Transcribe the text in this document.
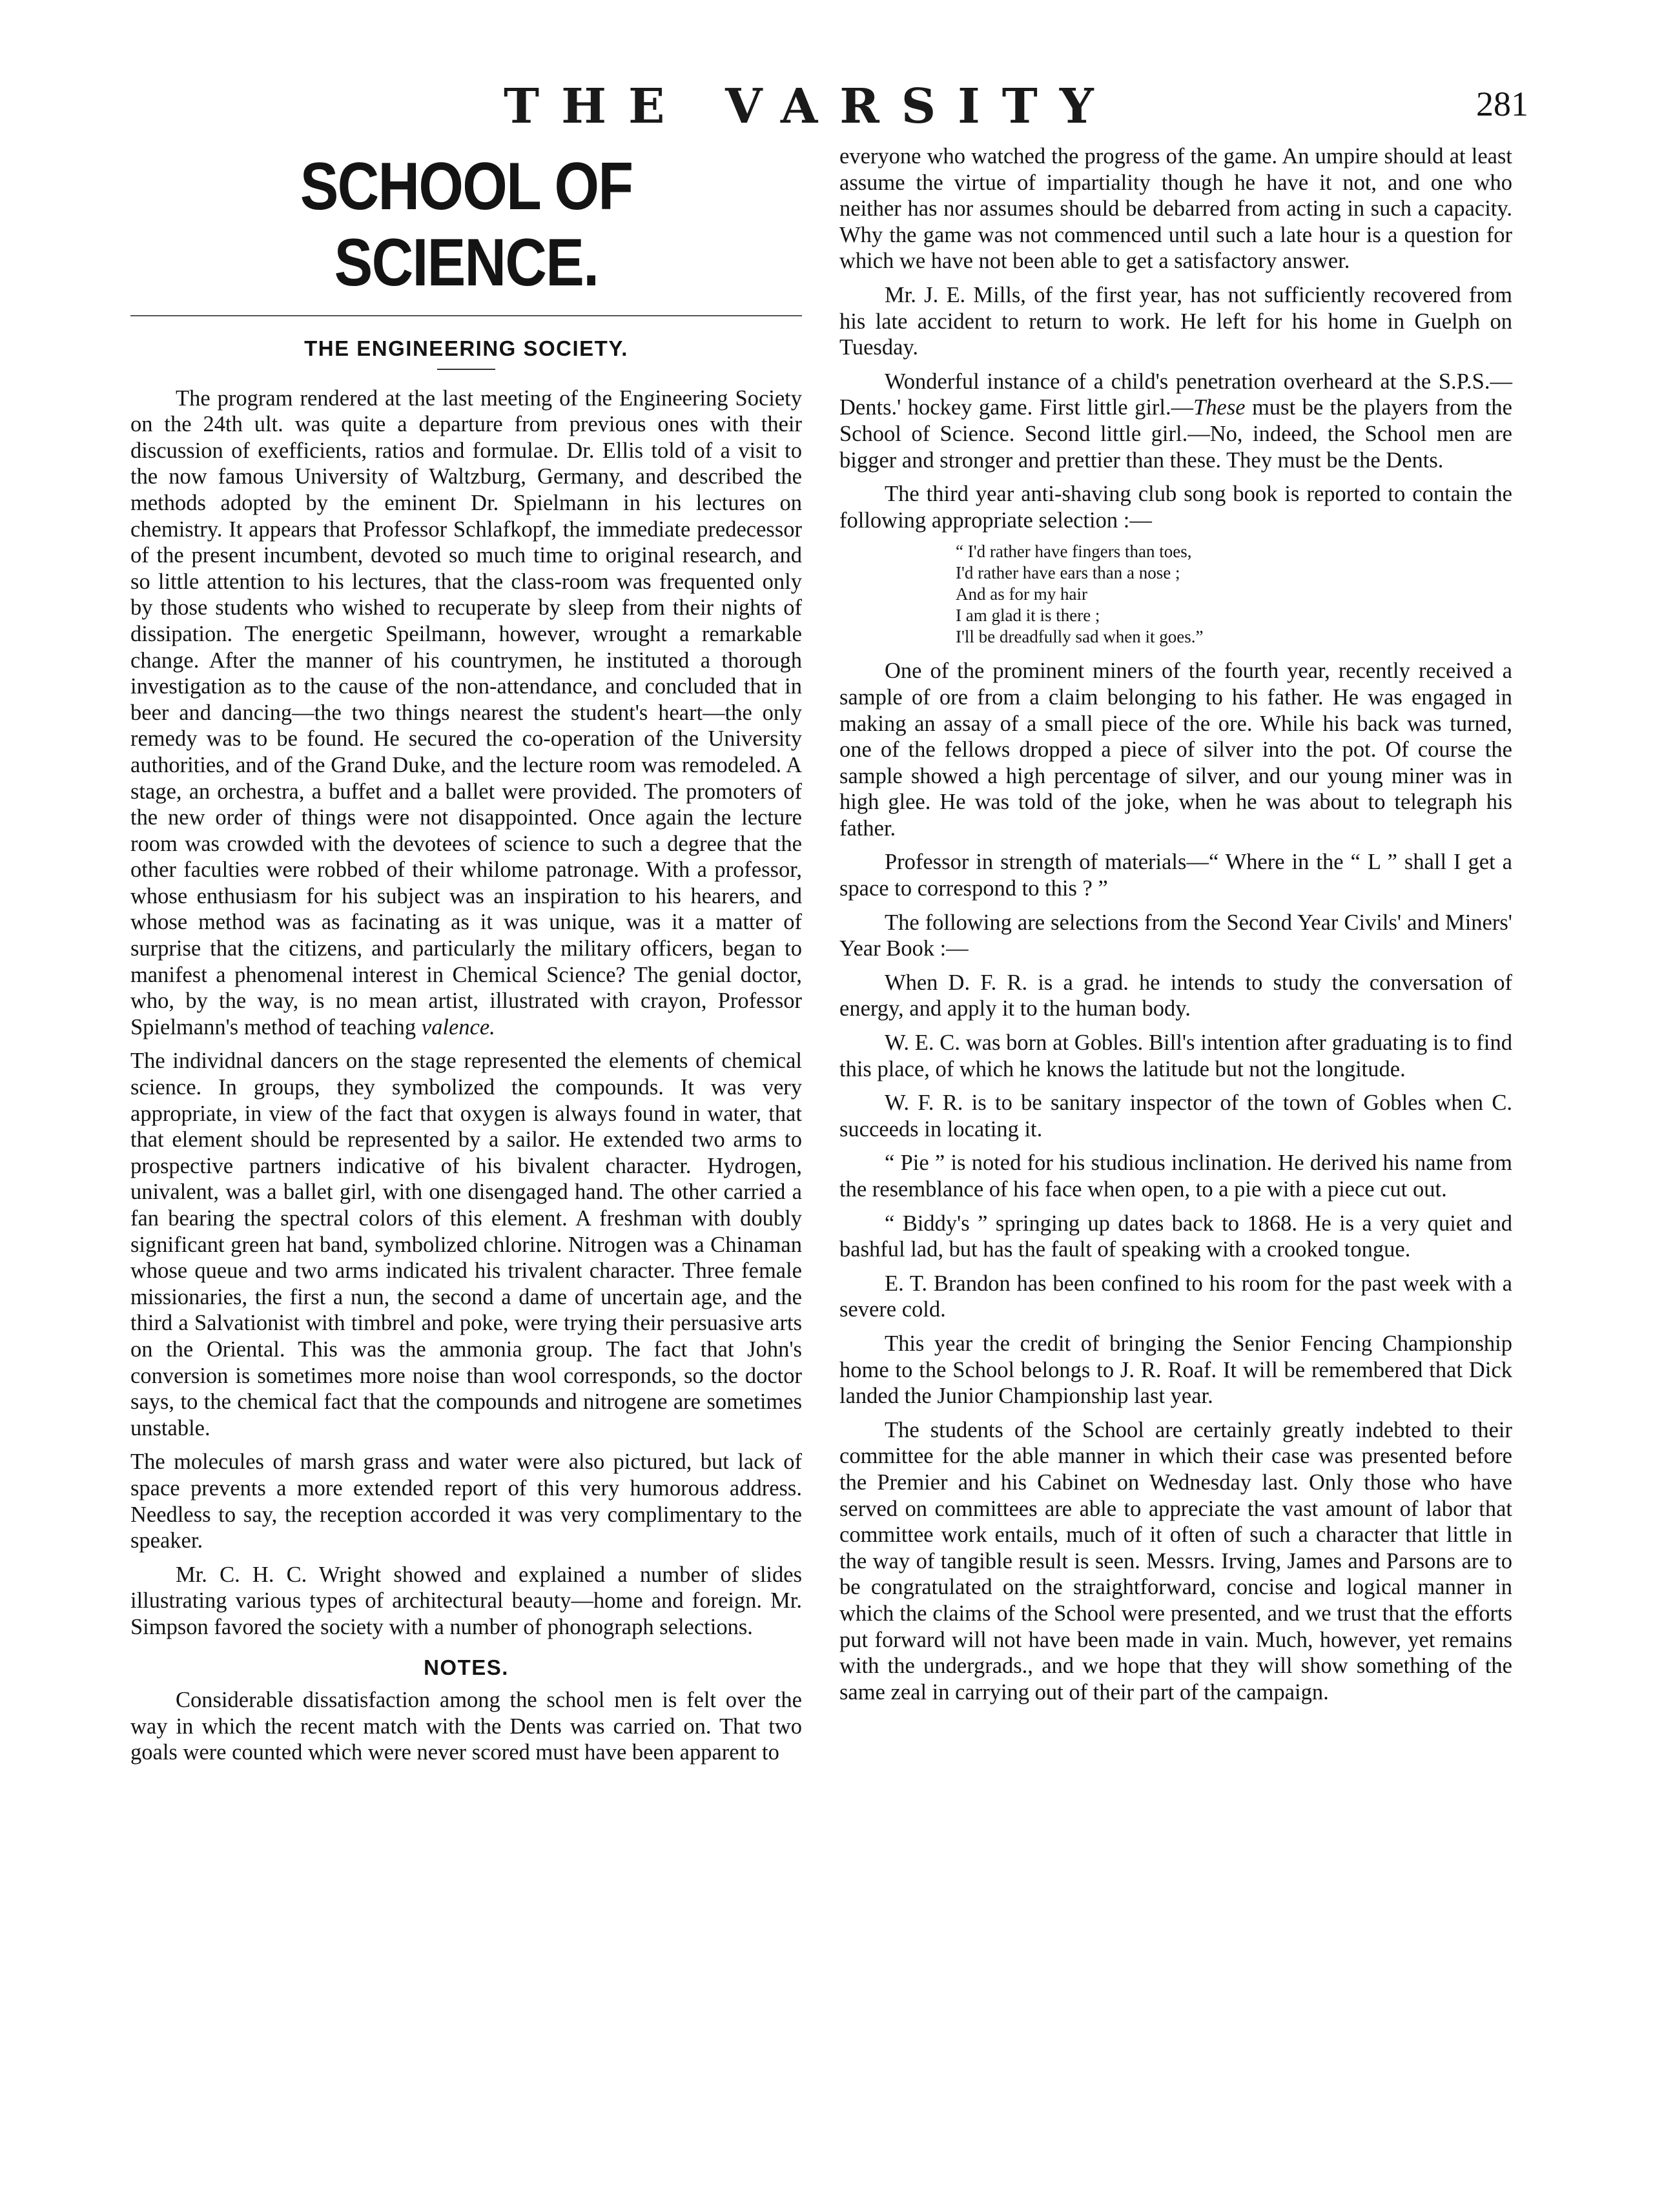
THE VARSITY	281
SCHOOL OF SCIENCE.
THE ENGINEERING SOCIETY.

The program rendered at the last meeting of the Engineering Society on the 24th ult. was quite a departure from previous ones with their discussion of exefficients, ratios and formulae. Dr. Ellis told of a visit to the now famous University of Waltzburg, Germany, and described the methods adopted by the eminent Dr. Spielmann in his lectures on chemistry. It appears that Professor Schlafkopf, the immediate predecessor of the present incumbent, devoted so much time to original research, and so little attention to his lectures, that the class-room was frequented only by those students who wished to recuperate by sleep from their nights of dissipation. The energetic Speilmann, however, wrought a remarkable change. After the manner of his countrymen, he instituted a thorough investigation as to the cause of the non-attendance, and concluded that in beer and dancing—the two things nearest the student's heart—the only remedy was to be found. He secured the co-operation of the University authorities, and of the Grand Duke, and the lecture room was remodeled. A stage, an orchestra, a buffet and a ballet were provided. The promoters of the new order of things were not disappointed. Once again the lecture room was crowded with the devotees of science to such a degree that the other faculties were robbed of their whilome patronage. With a professor, whose enthusiasm for his subject was an inspiration to his hearers, and whose method was as facinating as it was unique, was it a matter of surprise that the citizens, and particularly the military officers, began to manifest a phenomenal interest in Chemical Science? The genial doctor, who, by the way, is no mean artist, illustrated with crayon, Professor Spielmann's method of teaching valence.

The individnal dancers on the stage represented the elements of chemical science. In groups, they symbolized the compounds. It was very appropriate, in view of the fact that oxygen is always found in water, that that element should be represented by a sailor. He extended two arms to prospective partners indicative of his bivalent character. Hydrogen, univalent, was a ballet girl, with one disengaged hand. The other carried a fan bearing the spectral colors of this element. A freshman with doubly significant green hat band, symbolized chlorine. Nitrogen was a Chinaman whose queue and two arms indicated his trivalent character. Three female missionaries, the first a nun, the second a dame of uncertain age, and the third a Salvationist with timbrel and poke, were trying their persuasive arts on the Oriental. This was the ammonia group. The fact that John's conversion is sometimes more noise than wool corresponds, so the doctor says, to the chemical fact that the compounds and nitrogene are sometimes unstable.

The molecules of marsh grass and water were also pictured, but lack of space prevents a more extended report of this very humorous address. Needless to say, the reception accorded it was very complimentary to the speaker.

Mr. C. H. C. Wright showed and explained a number of slides illustrating various types of architectural beauty—home and foreign. Mr. Simpson favored the society with a number of phonograph selections.

NOTES.

Considerable dissatisfaction among the school men is felt over the way in which the recent match with the Dents was carried on. That two goals were counted which were never scored must have been apparent to

everyone who watched the progress of the game. An umpire should at least assume the virtue of impartiality though he have it not, and one who neither has nor assumes should be debarred from acting in such a capacity. Why the game was not commenced until such a late hour is a question for which we have not been able to get a satisfactory answer.

Mr. J. E. Mills, of the first year, has not sufficiently recovered from his late accident to return to work. He left for his home in Guelph on Tuesday.

Wonderful instance of a child's penetration overheard at the S.P.S.—Dents.' hockey game. First little girl.—These must be the players from the School of Science. Second little girl.—No, indeed, the School men are bigger and stronger and prettier than these. They must be the Dents.

The third year anti-shaving club song book is reported to contain the following appropriate selection :—

“ I'd rather have fingers than toes,
I'd rather have ears than a nose ;
And as for my hair
I am glad it is there ;
I'll be dreadfully sad when it goes.”

One of the prominent miners of the fourth year, recently received a sample of ore from a claim belonging to his father. He was engaged in making an assay of a small piece of the ore. While his back was turned, one of the fellows dropped a piece of silver into the pot. Of course the sample showed a high percentage of silver, and our young miner was in high glee. He was told of the joke, when he was about to telegraph his father.

Professor in strength of materials—“ Where in the “ L ” shall I get a space to correspond to this ? ”

The following are selections from the Second Year Civils' and Miners' Year Book :—

When D. F. R. is a grad. he intends to study the conversation of energy, and apply it to the human body.

W. E. C. was born at Gobles. Bill's intention after graduating is to find this place, of which he knows the latitude but not the longitude.

W. F. R. is to be sanitary inspector of the town of Gobles when C. succeeds in locating it.

“ Pie ” is noted for his studious inclination. He derived his name from the resemblance of his face when open, to a pie with a piece cut out.

“ Biddy's ” springing up dates back to 1868. He is a very quiet and bashful lad, but has the fault of speaking with a crooked tongue.

E. T. Brandon has been confined to his room for the past week with a severe cold.

This year the credit of bringing the Senior Fencing Championship home to the School belongs to J. R. Roaf. It will be remembered that Dick landed the Junior Championship last year.

The students of the School are certainly greatly indebted to their committee for the able manner in which their case was presented before the Premier and his Cabinet on Wednesday last. Only those who have served on committees are able to appreciate the vast amount of labor that committee work entails, much of it often of such a character that little in the way of tangible result is seen. Messrs. Irving, James and Parsons are to be congratulated on the straightforward, concise and logical manner in which the claims of the School were presented, and we trust that the efforts put forward will not have been made in vain. Much, however, yet remains with the undergrads., and we hope that they will show something of the same zeal in carrying out of their part of the campaign.
